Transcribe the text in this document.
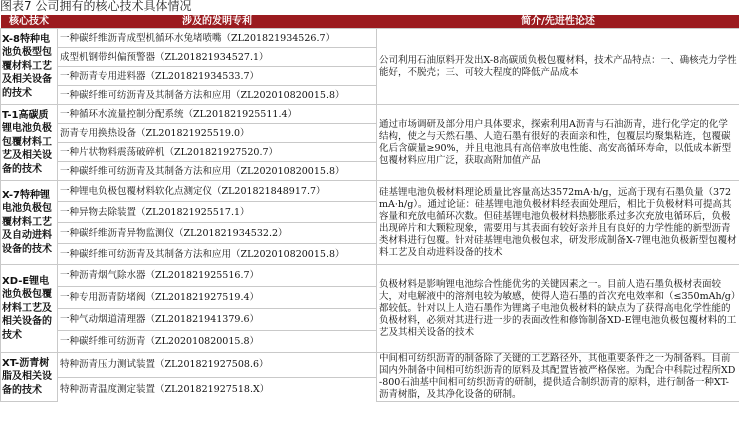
图表7 公司拥有的核心技术具体情况
核心技术	涉及的发明专利	简介/先进性论述
X-8特种电池负极型包覆材料工艺及相关设备的技术	一种碳纤维沥青成型机循环水兔堵喷嘴（ZL201821934526.7）	公司利用石油原料开发出X-8高碳质负极包覆材料，技术产品特点：一、确核壳力学性能好，不脱壳；三、可较大程度的降低产品成本
	成型机钢带纠偏预警器（ZL201821934527.1）	
	一种沥青专用进料器（ZL201821934533.7）	
	一种碳纤维可纺沥青及其制备方法和应用（ZL202010820015.8）	
T-1高碳质锂电池负极包覆材料工艺及相关设备的技术	一种循环水流量控制分配系统（ZL201821925511.4）	通过市场调研及部分用户具体要求，探索利用A沥青与石油沥青，进行化学定的化学结构，使之与天然石墨、人造石墨有很好的表面亲和性，包覆层均聚集粘连，包覆碳化后含碳量≥90%，并且电池具有高倍率放电性能、高安高循环寿命，以低成本新型包覆材料应用广泛，获取高附加值产品
	沥青专用换热设备（ZL201821925519.0）	
	一种片状物料震荡破碎机（ZL201821927520.7）	
	一种碳纤维可纺沥青及其制备方法和应用（ZL202010820015.8）	
X-7特种锂电池负极包覆材料工艺及自动进料设备的技术	一种锂电负极包覆材料软化点测定仪（ZL201821848917.7）	硅基锂电池负极材料理论质量比容量高达3572mA·h/g，远高于现有石墨负量（372mA·h/g）。通过论证：硅基锂电池负极材料经表面处理后，相比于负极材料可提高其容量和充放电循环次数。但硅基锂电池负极材料热膨胀系过多次充放电循环后，负极出现碎片和大颗粒现象，需要用与其表面有较好亲并且有良好的力学性能的新型沥青类材料进行包覆。针对硅基锂电池负极包求，研发形成制备X-7锂电池负极新型包覆材料工艺及自动进料设备的技术
	一种异物去除装置（ZL201821925517.1）	
	一种碳纤维沥青异物监测仪（ZL201821934532.2）	
	一种碳纤维可纺沥青及其制备方法和应用（ZL202010820015.8）	
XD-E锂电池负极包覆材料工艺及相关设备的技术	一种沥青烟气除水器（ZL201821925516.7）	负极材料是影响锂电池综合性能优劣的关键因素之一。目前人造石墨负极材表面较大，对电解液中的溶剂电较为敏感，使得人造石墨的首次充电效率和（≤350mAh/g）都较低。针对以上人造石墨作为锂离子电池负极材料的缺点为了获得高电化学性能的负极材料，必须对其进行进一步的表面改性和修饰制备XD-E锂电池负极包覆材料的工艺及其相关设备的技术
	一种专用沥青防堵阀（ZL201821927519.4）	
	一种气动烟道清理器（ZL201821941379.6）	
	一种碳纤维可纺沥青（ZL202010820015.8）	
XT-沥青树脂及相关设备的技术	特种沥青压力测试装置（ZL201821927508.6）	中间相可纺织沥青的制备除了关键的工艺路径外，其他重要条件之一为制备料。目前国内外制备中间相可纺织沥青的原料及其配置皆被严格保密。为配合中科院过程所XD-800石油基中间相可纺织沥青的研制，提供适合制织沥青的原料，进行制备一种XT-沥青树脂，及其净化设备的研制。
	特种沥青温度测定装置（ZL201821927518.X）	
